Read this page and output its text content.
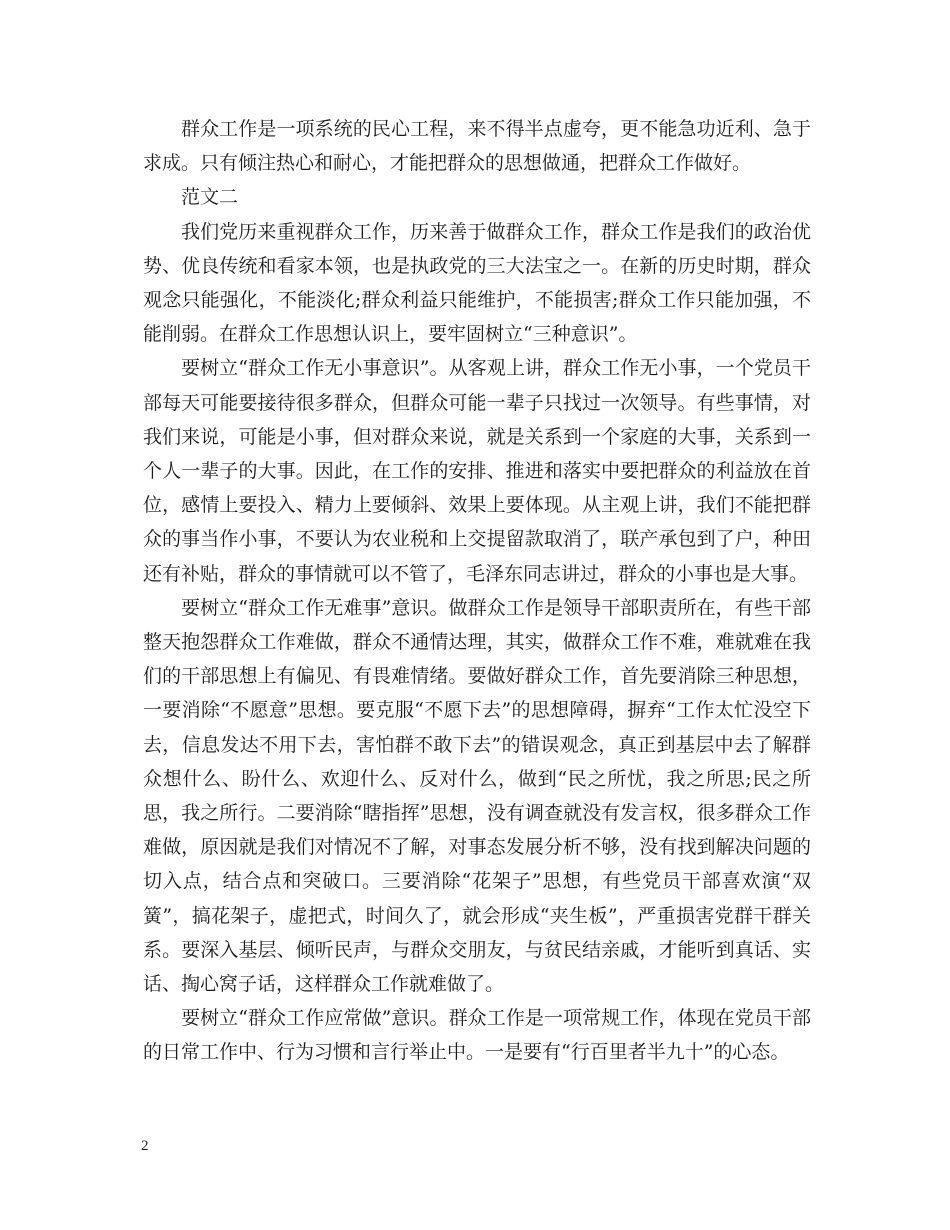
群众工作是一项系统的民心工程，来不得半点虚夸，更不能急功近利、急于求成。只有倾注热心和耐心，才能把群众的思想做通，把群众工作做好。

范文二

我们党历来重视群众工作，历来善于做群众工作，群众工作是我们的政治优势、优良传统和看家本领，也是执政党的三大法宝之一。在新的历史时期，群众观念只能强化，不能淡化;群众利益只能维护，不能损害;群众工作只能加强，不能削弱。在群众工作思想认识上，要牢固树立“三种意识”。

要树立“群众工作无小事意识”。从客观上讲，群众工作无小事，一个党员干部每天可能要接待很多群众，但群众可能一辈子只找过一次领导。有些事情，对我们来说，可能是小事，但对群众来说，就是关系到一个家庭的大事，关系到一个人一辈子的大事。因此，在工作的安排、推进和落实中要把群众的利益放在首位，感情上要投入、精力上要倾斜、效果上要体现。从主观上讲，我们不能把群众的事当作小事，不要认为农业税和上交提留款取消了，联产承包到了户，种田还有补贴，群众的事情就可以不管了，毛泽东同志讲过，群众的小事也是大事。

要树立“群众工作无难事”意识。做群众工作是领导干部职责所在，有些干部整天抱怨群众工作难做，群众不通情达理，其实，做群众工作不难，难就难在我们的干部思想上有偏见、有畏难情绪。要做好群众工作，首先要消除三种思想，一要消除“不愿意”思想。要克服“不愿下去”的思想障碍，摒弃“工作太忙没空下去，信息发达不用下去，害怕群不敢下去”的错误观念，真正到基层中去了解群众想什么、盼什么、欢迎什么、反对什么，做到“民之所忧，我之所思;民之所思，我之所行。二要消除“瞎指挥”思想，没有调查就没有发言权，很多群众工作难做，原因就是我们对情况不了解，对事态发展分析不够，没有找到解决问题的切入点，结合点和突破口。三要消除“花架子”思想，有些党员干部喜欢演“双簧”，搞花架子，虚把式，时间久了，就会形成“夹生板”，严重损害党群干群关系。要深入基层、倾听民声，与群众交朋友，与贫民结亲戚，才能听到真话、实话、掏心窝子话，这样群众工作就难做了。

要树立“群众工作应常做”意识。群众工作是一项常规工作，体现在党员干部的日常工作中、行为习惯和言行举止中。一是要有“行百里者半九十”的心态。

2
